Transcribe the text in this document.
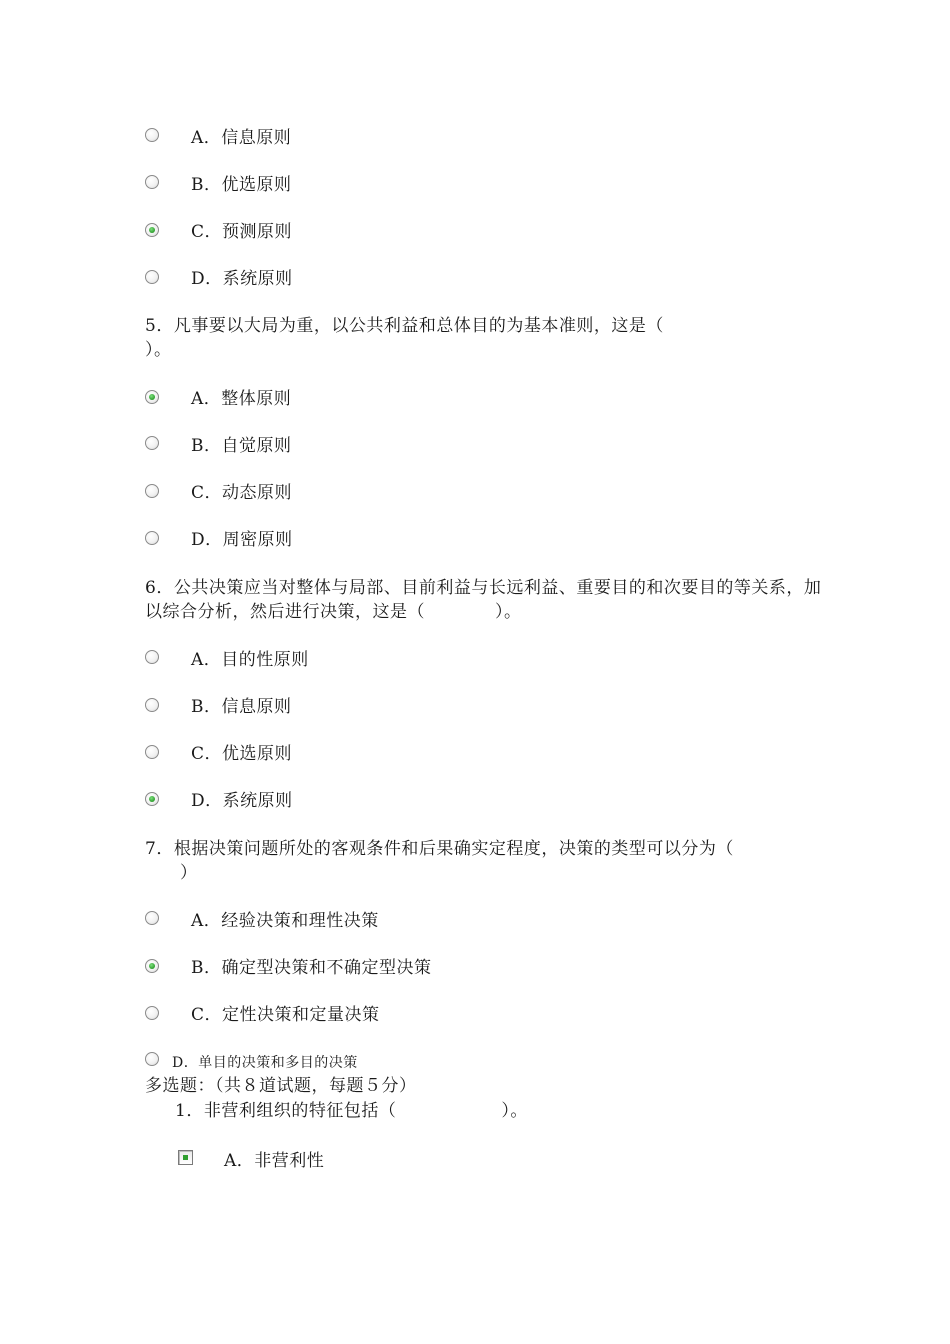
A．信息原则
B．优选原则
C．预测原则
D．系统原则
5．凡事要以大局为重，以公共利益和总体目的为基本准则，这是（
）。
A．整体原则
B．自觉原则
C．动态原则
D．周密原则
6．公共决策应当对整体与局部、目前利益与长远利益、重要目的和次要目的等关系，加以综合分析，然后进行决策，这是（　　　　）。
A．目的性原则
B．信息原则
C．优选原则
D．系统原则
7．根据决策问题所处的客观条件和后果确实定程度，决策的类型可以分为（
　　）
A．经验决策和理性决策
B．确定型决策和不确定型决策
C．定性决策和定量决策
D．单目的决策和多目的决策
多选题：（共８道试题，每题５分）
1．非营利组织的特征包括（　　　　　　）。
A．非营利性
